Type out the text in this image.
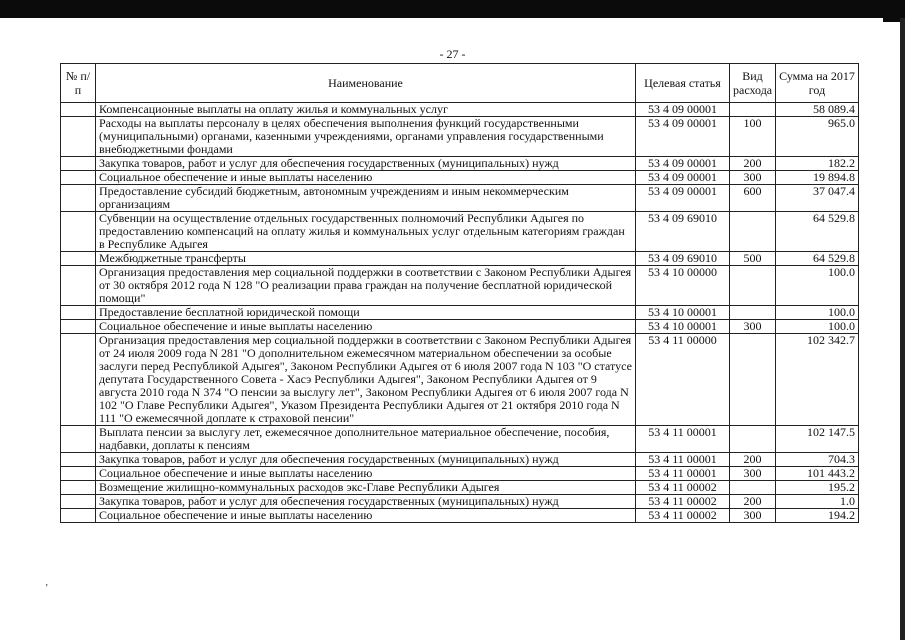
- 27 -
№ п/п	Наименование	Целевая статья	Вид расхода	Сумма на 2017 год
	Компенсационные выплаты на оплату жилья и коммунальных услуг	53 4 09 00001		58 089.4
	Расходы на выплаты персоналу в целях обеспечения выполнения функций государственными (муниципальными) органами, казенными учреждениями, органами управления государственными внебюджетными фондами	53 4 09 00001	100	965.0
	Закупка товаров, работ и услуг для обеспечения государственных (муниципальных) нужд	53 4 09 00001	200	182.2
	Социальное обеспечение и иные выплаты населению	53 4 09 00001	300	19 894.8
	Предоставление субсидий бюджетным, автономным учреждениям и иным некоммерческим организациям	53 4 09 00001	600	37 047.4
	Субвенции на осуществление отдельных государственных полномочий Республики Адыгея по предоставлению компенсаций на оплату жилья и коммунальных услуг отдельным категориям граждан в Республике Адыгея	53 4 09 69010		64 529.8
	Межбюджетные трансферты	53 4 09 69010	500	64 529.8
	Организация предоставления мер социальной поддержки в соответствии с Законом Республики Адыгея от 30 октября 2012 года N 128 "О реализации права граждан на получение бесплатной юридической помощи"	53 4 10 00000		100.0
	Предоставление бесплатной юридической помощи	53 4 10 00001		100.0
	Социальное обеспечение и иные выплаты населению	53 4 10 00001	300	100.0
	Организация предоставления мер социальной поддержки в соответствии с Законом Республики Адыгея от 24 июля 2009 года N 281 "О дополнительном ежемесячном материальном обеспечении за особые заслуги перед Республикой Адыгея", Законом Республики Адыгея от 6 июля 2007 года N 103 "О статусе депутата Государственного Совета - Хасэ Республики Адыгея", Законом Республики Адыгея от 9 августа 2010 года N 374 "О пенсии за выслугу лет", Законом Республики Адыгея от 6 июля 2007 года N 102 "О Главе Республики Адыгея", Указом Президента Республики Адыгея от 21 октября 2010 года N 111 "О ежемесячной доплате к страховой пенсии"	53 4 11 00000		102 342.7
	Выплата пенсии за выслугу лет, ежемесячное дополнительное материальное обеспечение, пособия, надбавки, доплаты к пенсиям	53 4 11 00001		102 147.5
	Закупка товаров, работ и услуг для обеспечения государственных (муниципальных) нужд	53 4 11 00001	200	704.3
	Социальное обеспечение и иные выплаты населению	53 4 11 00001	300	101 443.2
	Возмещение жилищно-коммунальных расходов экс-Главе Республики Адыгея	53 4 11 00002		195.2
	Закупка товаров, работ и услуг для обеспечения государственных (муниципальных) нужд	53 4 11 00002	200	1.0
	Социальное обеспечение и иные выплаты населению	53 4 11 00002	300	194.2
ʼ
